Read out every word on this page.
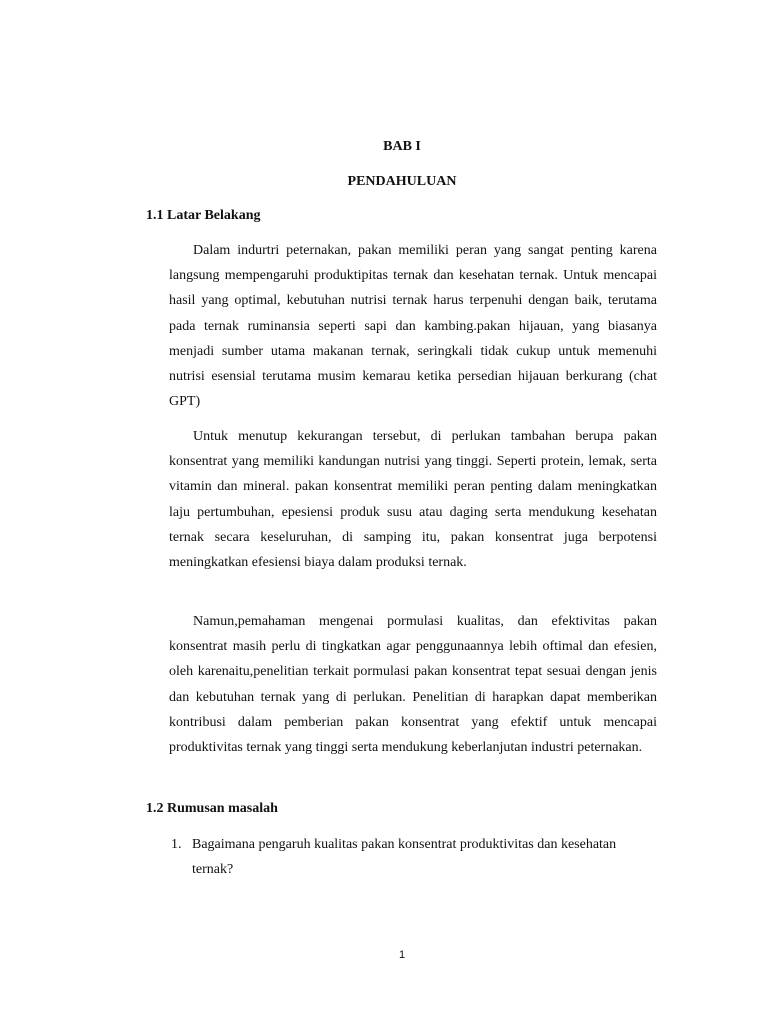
BAB I
PENDAHULUAN
1.1 Latar Belakang

Dalam indurtri peternakan, pakan memiliki peran yang sangat penting karena langsung mempengaruhi produktipitas ternak dan kesehatan ternak. Untuk mencapai hasil yang optimal, kebutuhan nutrisi ternak harus terpenuhi dengan baik, terutama pada ternak ruminansia seperti sapi dan kambing.pakan hijauan, yang biasanya menjadi sumber utama makanan ternak, seringkali tidak cukup untuk memenuhi nutrisi esensial terutama musim kemarau ketika persedian hijauan berkurang (chat GPT)

Untuk menutup kekurangan tersebut, di perlukan tambahan berupa pakan konsentrat yang memiliki kandungan nutrisi yang tinggi. Seperti protein, lemak, serta vitamin dan mineral. pakan konsentrat memiliki peran penting dalam meningkatkan laju pertumbuhan, epesiensi produk susu atau daging serta mendukung kesehatan ternak secara keseluruhan, di samping itu, pakan konsentrat juga berpotensi meningkatkan efesiensi biaya dalam produksi ternak.

Namun,pemahaman mengenai pormulasi kualitas, dan efektivitas pakan konsentrat masih perlu di tingkatkan agar penggunaannya lebih oftimal dan efesien, oleh karenaitu,penelitian terkait pormulasi pakan konsentrat tepat sesuai dengan jenis dan kebutuhan ternak yang di perlukan. Penelitian di harapkan dapat memberikan kontribusi dalam pemberian pakan konsentrat yang efektif untuk mencapai produktivitas ternak yang tinggi serta mendukung keberlanjutan industri peternakan.

1.2 Rumusan masalah
1. Bagaimana pengaruh kualitas pakan konsentrat produktivitas dan kesehatan ternak?
1
